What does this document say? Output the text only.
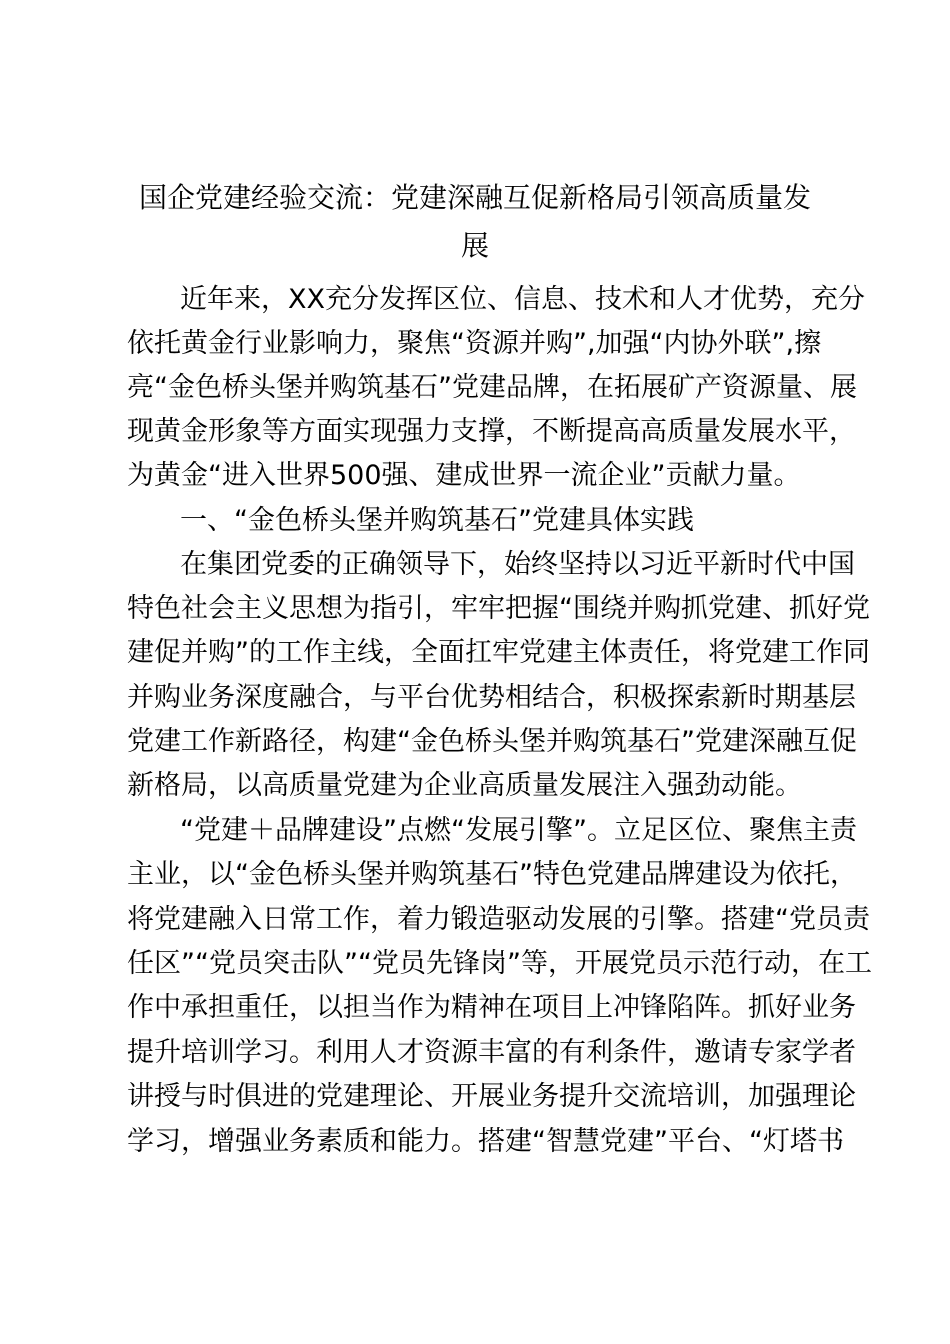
国企党建经验交流：党建深融互促新格局引领高质量发
展
近年来，XX充分发挥区位、信息、技术和人才优势，充分
依托黄金行业影响力，聚焦“资源并购”,加强“内协外联”,擦
亮“金色桥头堡并购筑基石”党建品牌，在拓展矿产资源量、展
现黄金形象等方面实现强力支撑，不断提高高质量发展水平，
为黄金“进入世界500强、建成世界一流企业”贡献力量。
一、“金色桥头堡并购筑基石”党建具体实践
在集团党委的正确领导下，始终坚持以习近平新时代中国
特色社会主义思想为指引，牢牢把握“围绕并购抓党建、抓好党
建促并购”的工作主线，全面扛牢党建主体责任，将党建工作同
并购业务深度融合，与平台优势相结合，积极探索新时期基层
党建工作新路径，构建“金色桥头堡并购筑基石”党建深融互促
新格局，以高质量党建为企业高质量发展注入强劲动能。
“党建＋品牌建设”点燃“发展引擎”。立足区位、聚焦主责
主业，以“金色桥头堡并购筑基石”特色党建品牌建设为依托，
将党建融入日常工作，着力锻造驱动发展的引擎。搭建“党员责
任区”“党员突击队”“党员先锋岗”等，开展党员示范行动，在工
作中承担重任，以担当作为精神在项目上冲锋陷阵。抓好业务
提升培训学习。利用人才资源丰富的有利条件，邀请专家学者
讲授与时俱进的党建理论、开展业务提升交流培训，加强理论
学习，增强业务素质和能力。搭建“智慧党建”平台、“灯塔书
